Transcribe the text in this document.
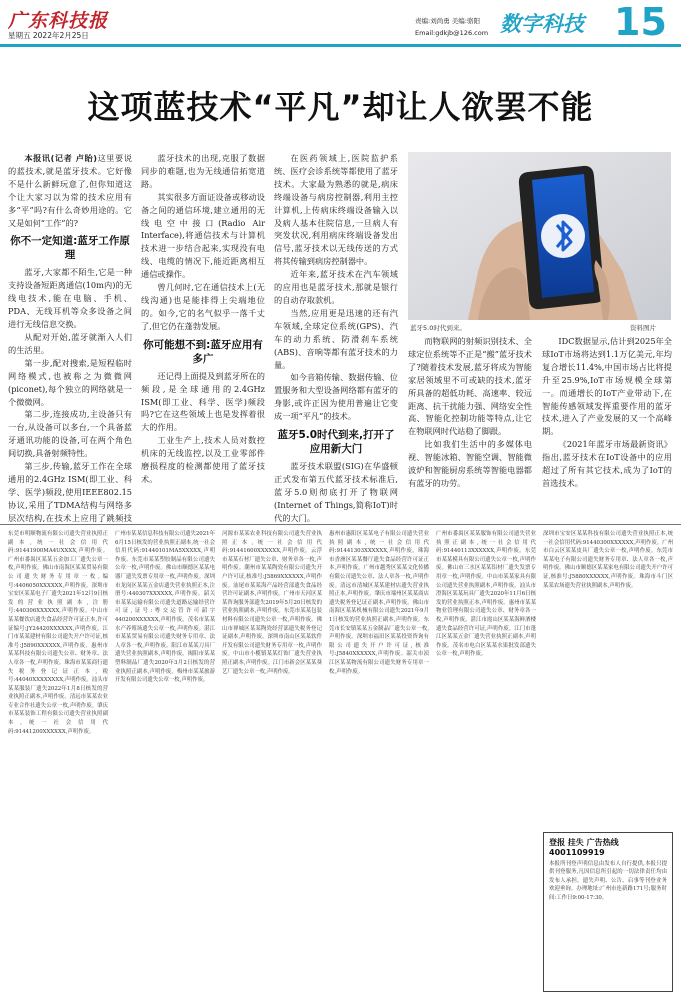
广东科技报
星期五 2022年2月25日
责编:刘尚勇 美编:骆阳
Email:gdkjb@126.com 数字科技 15
这项蓝技术“平凡”却让人欲罢不能

本报讯(记者 卢眙)这里要说的蓝技术,就是蓝牙技术。它好像不是什么新鲜玩意了,但你知道这个让大家习以为常的技术应用有多“平”吗?有什么奇妙用途的。它又是如何“工作”的?

你不一定知道:蓝牙工作原理

蓝牙,大家都不陌生,它是一种支持设备短距离通信(10m内)的无线电技术,能在电脑、手机、PDA、无线耳机等众多设备之间进行无线信息交换。

从配对开始,蓝牙就渐入人们的生活里。

第一步,配对搜索,是短程临时网络模式,也被称之为微微网(piconet),每个独立的网络就是一个微微网。

第二步,连接成功,主设备只有一台,从设备可以多台,一个具备蓝牙通讯功能的设备,可在两个角色间切换,具备射频特性。

第三步,传输,蓝牙工作在全球通用的2.4GHz ISM(即工业、科学、医学)频段,使用IEEE802.15协议,采用了TDMA结构与网络多层次结构,在技术上应用了跳频技

蓝牙技术的出现,克服了数据同步的难题,也为无线通信拓宽道路。

其实很多方面证设备或移动设备之间的通信环境,建立通用的无线电空中接口(Radio Air Interface),将通信技术与计算机技术进一步结合起来,实现没有电线、电缆的情况下,能近距离相互通信或操作。

曾几何时,它在通信技术上(无线沟通)也是能排得上尖端地位的。如今,它的名气似乎一落千丈了,但它仍在蓬勃发展。

你可能想不到:蓝牙应用有多广

还记得上面提及到蓝牙所在的频段,是全球通用的2.4GHz ISM(即工业、科学、医学)频段吗?它在这些领域上也是发挥着很大的作用。

工业生产上,技术人员对数控机床的无线监控,以及工业零部件磨损程度的检测都使用了蓝牙技术。

在医药领域上,医院监护系统、医疗会诊系统等都使用了蓝牙技术。大家最为熟悉的就是,病床终端设备与病房控制器,利用主控计算机,上传病床终端设备输入以及病人基本住院信息,一旦病人有突发状况,利用病床终端设备发出信号,蓝牙技术以无线传送的方式将其传输到病房控制器中。

近年来,蓝牙技术在汽车领域的应用也是蓝牙技术,那就是银行的自动存取款机。

当然,应用更是迅速的还有汽车领域,全球定位系统(GPS)、汽车的动力系统、防滑刹车系统(ABS)、音响等都有蓝牙技术的力量。

如今音箱传输、数据传输、位置服务和大型设备网络都有蓝牙的身影,或许正因为使用普遍让它变成一项“平凡”的技术。

蓝牙5.0时代到来,打开了应用新大门

蓝牙技术联盟(SIG)在华盛顿正式发布第五代蓝牙技术标准后,蓝牙5.0则彻底打开了物联网(Internet of Things,简称IoT)时代的大门。

蓝牙5.0时代到来。	资料图片

而物联网的射频识别技术、全球定位系统等不正是“搬”蓝牙技术了?随着技术发展,蓝牙将成为智能家居领域里不可或缺的技术,蓝牙所具备的超低功耗、高速率、较远距离、抗干扰能力强、网络安全性高、智能化控制功能等特点,让它在物联网时代站稳了脚跟。

比如我们生活中的多媒体电视、智能冰箱、智能空调、智能微波炉和智能厨房系统等智能电器都有蓝牙的功劳。

IDC数据显示,估计到2025年全球IoT市场将达到1.1万亿美元,年均复合增长11.4%,中国市场占比将提升至25.9%,IoT市场规模全球第一。而通增长的IoT产业带动下,在智能传感领域发挥重要作用的蓝牙技术,进入了产业发展的又一个高峰期。

《2021年蓝牙市场最新资讯》指出,蓝牙技术在IoT设备中的应用超过了所有其它技术,成为了IoT的首选技术。

东莞市明顺物流有限公司遗失营业执照正副本,统一社会信用代码:91441900MA4UXXXX,声明作废。广州市番禺区某某五金加工厂遗失公章一枚,声明作废。佛山市南海区某某贸易有限公司遗失财务专用章一枚,编号:4406050XXXXXX,声明作废。深圳市宝安区某某电子厂遗失2021年12月9日核发的营业执照副本,注册号:440306XXXXXX,声明作废。中山市某某餐饮店遗失食品经营许可证正本,许可证编号:JY24420XXXXXX,声明作废。江门市某某建材有限公司遗失开户许可证,核准号:J5890XXXXXX,声明作废。惠州市某某科技有限公司遗失公章、财务章、法人章各一枚,声明作废。珠海市某某商行遗失税务登记证正本,税号:44040XXXXXXXX,声明作废。汕头市某某服装厂遗失2022年1月8日核发的营业执照正副本,声明作废。清远市某某农业专业合作社遗失公章一枚,声明作废。肇庆市某某装饰工程有限公司遗失营业执照副本,统一社会信用代码:91441200XXXXXX,声明作废。

广州市某某信息科技有限公司遗失2021年6月15日核发的营业执照正副本,统一社会信用代码:91440101MA5XXXXX,声明作废。东莞市某某塑胶制品有限公司遗失公章一枚,声明作废。佛山市顺德区某某电器厂遗失发票专用章一枚,声明作废。深圳市龙岗区某某五金店遗失营业执照正本,注册号:440307XXXXXX,声明作废。韶关市某某运输有限公司遗失道路运输经营许可证,证号:粤交运管许可韶字440200XXXXXX,声明作废。茂名市某某水产养殖场遗失公章一枚,声明作废。湛江市某某贸易有限公司遗失财务专用章、法人章各一枚,声明作废。阳江市某某刀具厂遗失营业执照副本,声明作废。揭阳市某某塑料制品厂遗失2020年3月2日核发的营业执照正副本,声明作废。梅州市某某旅游开发有限公司遗失公章一枚,声明作废。

河源市某某农业科技有限公司遗失营业执照正本,统一社会信用代码:91441600XXXXXX,声明作废。云浮市某某石材厂遗失公章、财务章各一枚,声明作废。潮州市某某陶瓷有限公司遗失开户许可证,核准号:J5869XXXXXX,声明作废。汕尾市某某海产品经营部遗失食品经营许可证副本,声明作废。广州市天河区某某咨询服务部遗失2019年5月20日核发的营业执照副本,声明作废。东莞市某某包装材料有限公司遗失公章一枚,声明作废。佛山市禅城区某某陶瓷经营部遗失税务登记证副本,声明作废。深圳市南山区某某软件开发有限公司遗失财务专用章一枚,声明作废。中山市小榄镇某某灯饰厂遗失营业执照正副本,声明作废。江门市新会区某某葵艺厂遗失公章一枚,声明作废。

惠州市惠阳区某某电子有限公司遗失营业执照副本,统一社会信用代码:91441303XXXXXX,声明作废。珠海市香洲区某某餐厅遗失食品经营许可证正本,声明作废。广州市越秀区某某文化传播有限公司遗失公章、法人章各一枚,声明作废。清远市清城区某某建材店遗失营业执照正本,声明作废。肇庆市端州区某某商店遗失税务登记证正副本,声明作废。佛山市南海区某某机械有限公司遗失2021年9月1日核发的营业执照正副本,声明作废。东莞市长安镇某某五金制品厂遗失公章一枚,声明作废。深圳市福田区某某投资咨询有限公司遗失开户许可证,核准号:J5840XXXXXX,声明作废。韶关市浈江区某某物流有限公司遗失财务专用章一枚,声明作废。

广州市番禺区某某服饰有限公司遗失营业执照正副本,统一社会信用代码:91440113XXXXXX,声明作废。东莞市某某模具有限公司遗失公章一枚,声明作废。佛山市三水区某某铝材厂遗失发票专用章一枚,声明作废。中山市某某家具有限公司遗失营业执照副本,声明作废。汕头市澄海区某某玩具厂遗失2020年11月6日核发的营业执照正本,声明作废。惠州市某某物业管理有限公司遗失公章、财务章各一枚,声明作废。湛江市霞山区某某海鲜酒楼遗失食品经营许可证,声明作废。江门市蓬江区某某五金厂遗失营业执照正副本,声明作废。茂名市电白区某某水果批发部遗失公章一枚,声明作废。

深圳市宝安区某某科技有限公司遗失营业执照正本,统一社会信用代码:91440300XXXXXX,声明作废。广州市白云区某某皮具厂遗失公章一枚,声明作废。东莞市某某电子有限公司遗失财务专用章、法人章各一枚,声明作废。佛山市顺德区某某家电有限公司遗失开户许可证,核准号:J5880XXXXXX,声明作废。珠海市斗门区某某农场遗失营业执照副本,声明作废。

登报 挂失 广告热线 4001109919
本报所刊登声明信息由发布人自行提供,本报只提供刊登服务,凡因信息所引起的一切法律责任均由发布人承担。遗失声明、公告、启事等刊登业务欢迎垂询。办理地址:广州市连新路171号;服务时间:工作日9:00-17:30。
